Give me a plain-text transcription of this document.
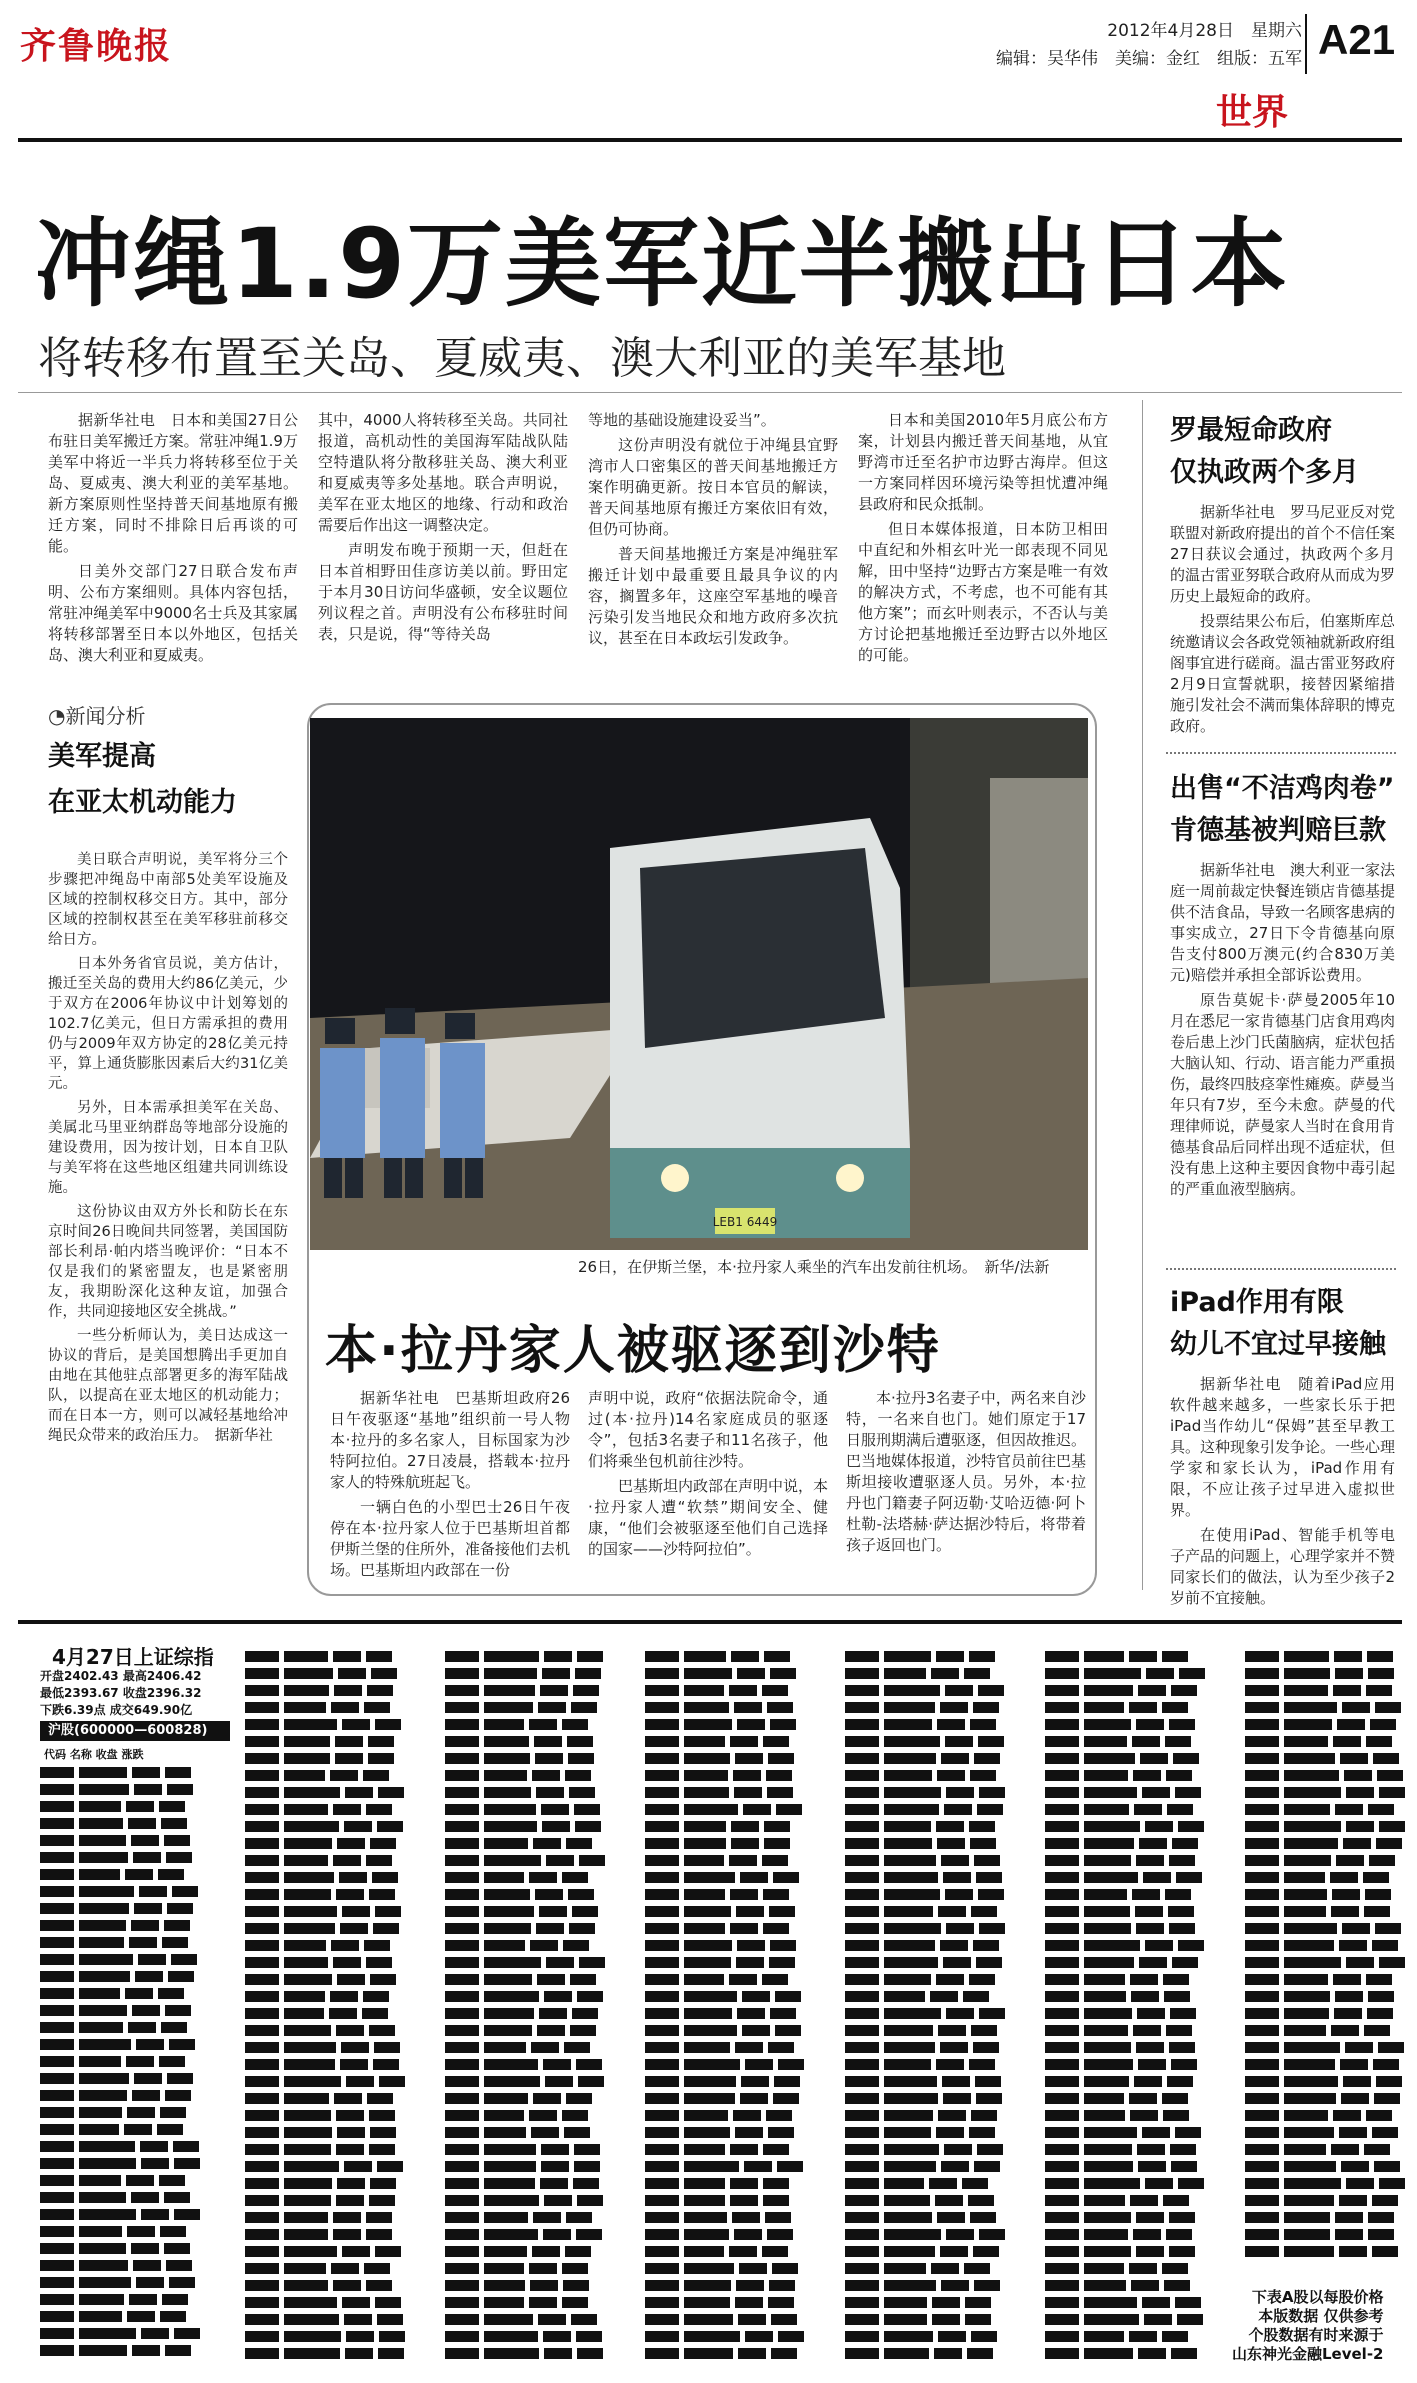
齐鲁晚报	2012年4月28日　星期六
编辑：吴华伟　美编：金红　组版：五军 A21
世界
冲绳1.9万美军近半搬出日本
将转移布置至关岛、夏威夷、澳大利亚的美军基地

据新华社电　日本和美国27日公布驻日美军搬迁方案。常驻冲绳1.9万美军中将近一半兵力将转移至位于关岛、夏威夷、澳大利亚的美军基地。新方案原则性坚持普天间基地原有搬迁方案，同时不排除日后再谈的可能。

日美外交部门27日联合发布声明、公布方案细则。具体内容包括，常驻冲绳美军中9000名士兵及其家属将转移部署至日本以外地区，包括关岛、澳大利亚和夏威夷。

其中，4000人将转移至关岛。共同社报道，高机动性的美国海军陆战队陆空特遣队将分散移驻关岛、澳大利亚和夏威夷等多处基地。联合声明说，美军在亚太地区的地缘、行动和政治需要后作出这一调整决定。

声明发布晚于预期一天，但赶在日本首相野田佳彦访美以前。野田定于本月30日访问华盛顿，安全议题位列议程之首。声明没有公布移驻时间表，只是说，得“等待关岛

等地的基础设施建设妥当”。

这份声明没有就位于冲绳县宜野湾市人口密集区的普天间基地搬迁方案作明确更新。按日本官员的解读，普天间基地原有搬迁方案依旧有效，但仍可协商。

普天间基地搬迁方案是冲绳驻军搬迁计划中最重要且最具争议的内容，搁置多年，这座空军基地的噪音污染引发当地民众和地方政府多次抗议，甚至在日本政坛引发政争。

日本和美国2010年5月底公布方案，计划县内搬迁普天间基地，从宜野湾市迁至名护市边野古海岸。但这一方案同样因环境污染等担忧遭冲绳县政府和民众抵制。

但日本媒体报道，日本防卫相田中直纪和外相玄叶光一郎表现不同见解，田中坚持“边野古方案是唯一有效的解决方式，不考虑，也不可能有其他方案”；而玄叶则表示，不否认与美方讨论把基地搬迁至边野古以外地区的可能。

◔新闻分析
美军提高
在亚太机动能力

美日联合声明说，美军将分三个步骤把冲绳岛中南部5处美军设施及区域的控制权移交日方。其中，部分区域的控制权甚至在美军移驻前移交给日方。

日本外务省官员说，美方估计，搬迁至关岛的费用大约86亿美元，少于双方在2006年协议中计划筹划的102.7亿美元，但日方需承担的费用仍与2009年双方协定的28亿美元持平，算上通货膨胀因素后大约31亿美元。

另外，日本需承担美军在关岛、美属北马里亚纳群岛等地部分设施的建设费用，因为按计划，日本自卫队与美军将在这些地区组建共同训练设施。

这份协议由双方外长和防长在东京时间26日晚间共同签署，美国国防部长利昂·帕内塔当晚评价：“日本不仅是我们的紧密盟友，也是紧密朋友，我期盼深化这种友谊，加强合作，共同迎接地区安全挑战。”

一些分析师认为，美日达成这一协议的背后，是美国想腾出手更加自由地在其他驻点部署更多的海军陆战队，以提高在亚太地区的机动能力；而在日本一方，则可以减轻基地给冲绳民众带来的政治压力。　据新华社

LEB1 6449
26日，在伊斯兰堡，本·拉丹家人乘坐的汽车出发前往机场。　新华/法新
本·拉丹家人被驱逐到沙特

据新华社电　巴基斯坦政府26日午夜驱逐“基地”组织前一号人物本·拉丹的多名家人，目标国家为沙特阿拉伯。27日凌晨，搭载本·拉丹家人的特殊航班起飞。

一辆白色的小型巴士26日午夜停在本·拉丹家人位于巴基斯坦首都伊斯兰堡的住所外，准备接他们去机场。巴基斯坦内政部在一份

声明中说，政府“依据法院命令，通过(本·拉丹)14名家庭成员的驱逐令”，包括3名妻子和11名孩子，他们将乘坐包机前往沙特。

巴基斯坦内政部在声明中说，本·拉丹家人遭“软禁”期间安全、健康，“他们会被驱逐至他们自己选择的国家——沙特阿拉伯”。

本·拉丹3名妻子中，两名来自沙特，一名来自也门。她们原定于17日服刑期满后遭驱逐，但因故推迟。巴当地媒体报道，沙特官员前往巴基斯坦接收遭驱逐人员。另外，本·拉丹也门籍妻子阿迈勒·艾哈迈德·阿卜杜勒-法塔赫·萨达据沙特后，将带着孩子返回也门。

罗最短命政府
仅执政两个多月

据新华社电　罗马尼亚反对党联盟对新政府提出的首个不信任案27日获议会通过，执政两个多月的温古雷亚努联合政府从而成为罗历史上最短命的政府。

投票结果公布后，伯塞斯库总统邀请议会各政党领袖就新政府组阁事宜进行磋商。温古雷亚努政府2月9日宣誓就职，接替因紧缩措施引发社会不满而集体辞职的博克政府。

出售“不洁鸡肉卷”
肯德基被判赔巨款

据新华社电　澳大利亚一家法庭一周前裁定快餐连锁店肯德基提供不洁食品，导致一名顾客患病的事实成立，27日下令肯德基向原告支付800万澳元(约合830万美元)赔偿并承担全部诉讼费用。

原告莫妮卡·萨曼2005年10月在悉尼一家肯德基门店食用鸡肉卷后患上沙门氏菌脑病，症状包括大脑认知、行动、语言能力严重损伤，最终四肢痉挛性瘫痪。萨曼当年只有7岁，至今未愈。萨曼的代理律师说，萨曼家人当时在食用肯德基食品后同样出现不适症状，但没有患上这种主要因食物中毒引起的严重血液型脑病。

iPad作用有限
幼儿不宜过早接触

据新华社电　随着iPad应用软件越来越多，一些家长乐于把iPad当作幼儿“保姆”甚至早教工具。这种现象引发争论。一些心理学家和家长认为，iPad作用有限，不应让孩子过早进入虚拟世界。

在使用iPad、智能手机等电子产品的问题上，心理学家并不赞同家长们的做法，认为至少孩子2岁前不宜接触。

4月27日上证综指
开盘2402.43 最高2406.42
最低2393.67 收盘2396.32
下跌6.39点 成交649.90亿
沪股(600000—600828)
代码 名称 收盘 涨跌
下表A股以每股价格
本版数据 仅供参考
个股数据有时来源于
山东神光金融Level-2
